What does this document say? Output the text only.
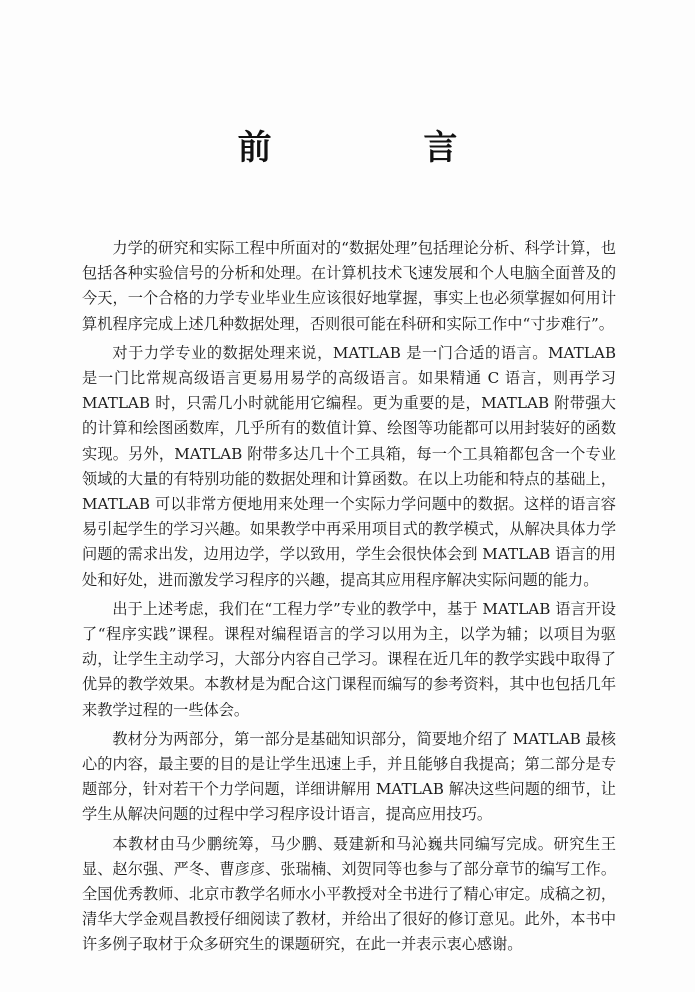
前 言

力学的研究和实际工程中所面对的“数据处理”包括理论分析、科学计算，也包括各种实验信号的分析和处理。在计算机技术飞速发展和个人电脑全面普及的今天，一个合格的力学专业毕业生应该很好地掌握，事实上也必须掌握如何用计算机程序完成上述几种数据处理，否则很可能在科研和实际工作中“寸步难行”。

对于力学专业的数据处理来说，MATLAB 是一门合适的语言。MATLAB 是一门比常规高级语言更易用易学的高级语言。如果精通 C 语言，则再学习 MATLAB 时，只需几小时就能用它编程。更为重要的是，MATLAB 附带强大的计算和绘图函数库，几乎所有的数值计算、绘图等功能都可以用封装好的函数实现。另外，MATLAB 附带多达几十个工具箱，每一个工具箱都包含一个专业领域的大量的有特别功能的数据处理和计算函数。在以上功能和特点的基础上，MATLAB 可以非常方便地用来处理一个实际力学问题中的数据。这样的语言容易引起学生的学习兴趣。如果教学中再采用项目式的教学模式，从解决具体力学问题的需求出发，边用边学，学以致用，学生会很快体会到 MATLAB 语言的用处和好处，进而激发学习程序的兴趣，提高其应用程序解决实际问题的能力。

出于上述考虑，我们在“工程力学”专业的教学中，基于 MATLAB 语言开设了“程序实践”课程。课程对编程语言的学习以用为主，以学为辅；以项目为驱动，让学生主动学习，大部分内容自己学习。课程在近几年的教学实践中取得了优异的教学效果。本教材是为配合这门课程而编写的参考资料，其中也包括几年来教学过程的一些体会。

教材分为两部分，第一部分是基础知识部分，简要地介绍了 MATLAB 最核心的内容，最主要的目的是让学生迅速上手，并且能够自我提高；第二部分是专题部分，针对若干个力学问题，详细讲解用 MATLAB 解决这些问题的细节，让学生从解决问题的过程中学习程序设计语言，提高应用技巧。

本教材由马少鹏统筹，马少鹏、聂建新和马沁巍共同编写完成。研究生王显、赵尔强、严冬、曹彦彦、张瑞楠、刘贺同等也参与了部分章节的编写工作。全国优秀教师、北京市教学名师水小平教授对全书进行了精心审定。成稿之初，清华大学金观昌教授仔细阅读了教材，并给出了很好的修订意见。此外，本书中许多例子取材于众多研究生的课题研究，在此一并表示衷心感谢。
